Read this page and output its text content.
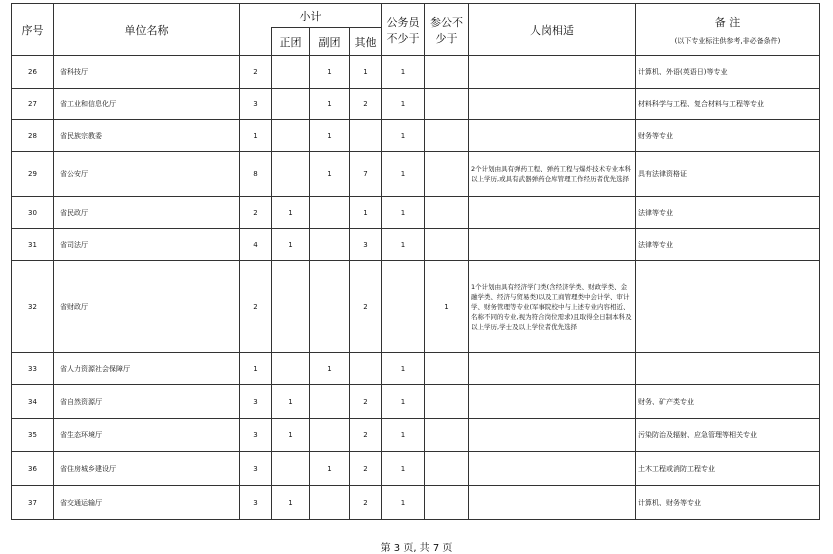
序号	单位名称	小计				公务员不少于	参公不少于	人岗相适	备 注
(以下专业标注供参考,非必备条件)

			正团	副团	其他				
26	省科技厅	2		1	1	1			计算机、外语(英语日)等专业
27	省工业和信息化厅	3		1	2	1			材料科学与工程、复合材料与工程等专业
28	省民族宗教委	1		1		1			财务等专业
29	省公安厅	8		1	7	1		2个计划由具有弹药工程、弹药工程与爆炸技术专业本科以上学历,或具有武器弹药仓库管理工作经历者优先选择	具有法律资格证
30	省民政厅	2	1		1	1			法律等专业
31	省司法厅	4	1		3	1			法律等专业
32	省财政厅	2			2		1	1个计划由具有经济学门类(含经济学类、财政学类、金融学类、经济与贸易类)以及工商管理类中会计学、审计学、财务管理等专业(军事院校中与上述专业内容相近、名称不同的专业,视为符合岗位需求)且取得全日制本科及以上学历,学士及以上学位者优先选择	
33	省人力资源社会保障厅	1		1		1			
34	省自然资源厅	3	1		2	1			财务、矿产类专业
35	省生态环境厅	3	1		2	1			污染防治及辐射、应急管理等相关专业
36	省住房城乡建设厅	3		1	2	1			土木工程或消防工程专业
37	省交通运输厅	3	1		2	1			计算机、财务等专业
第 3 页, 共 7 页
